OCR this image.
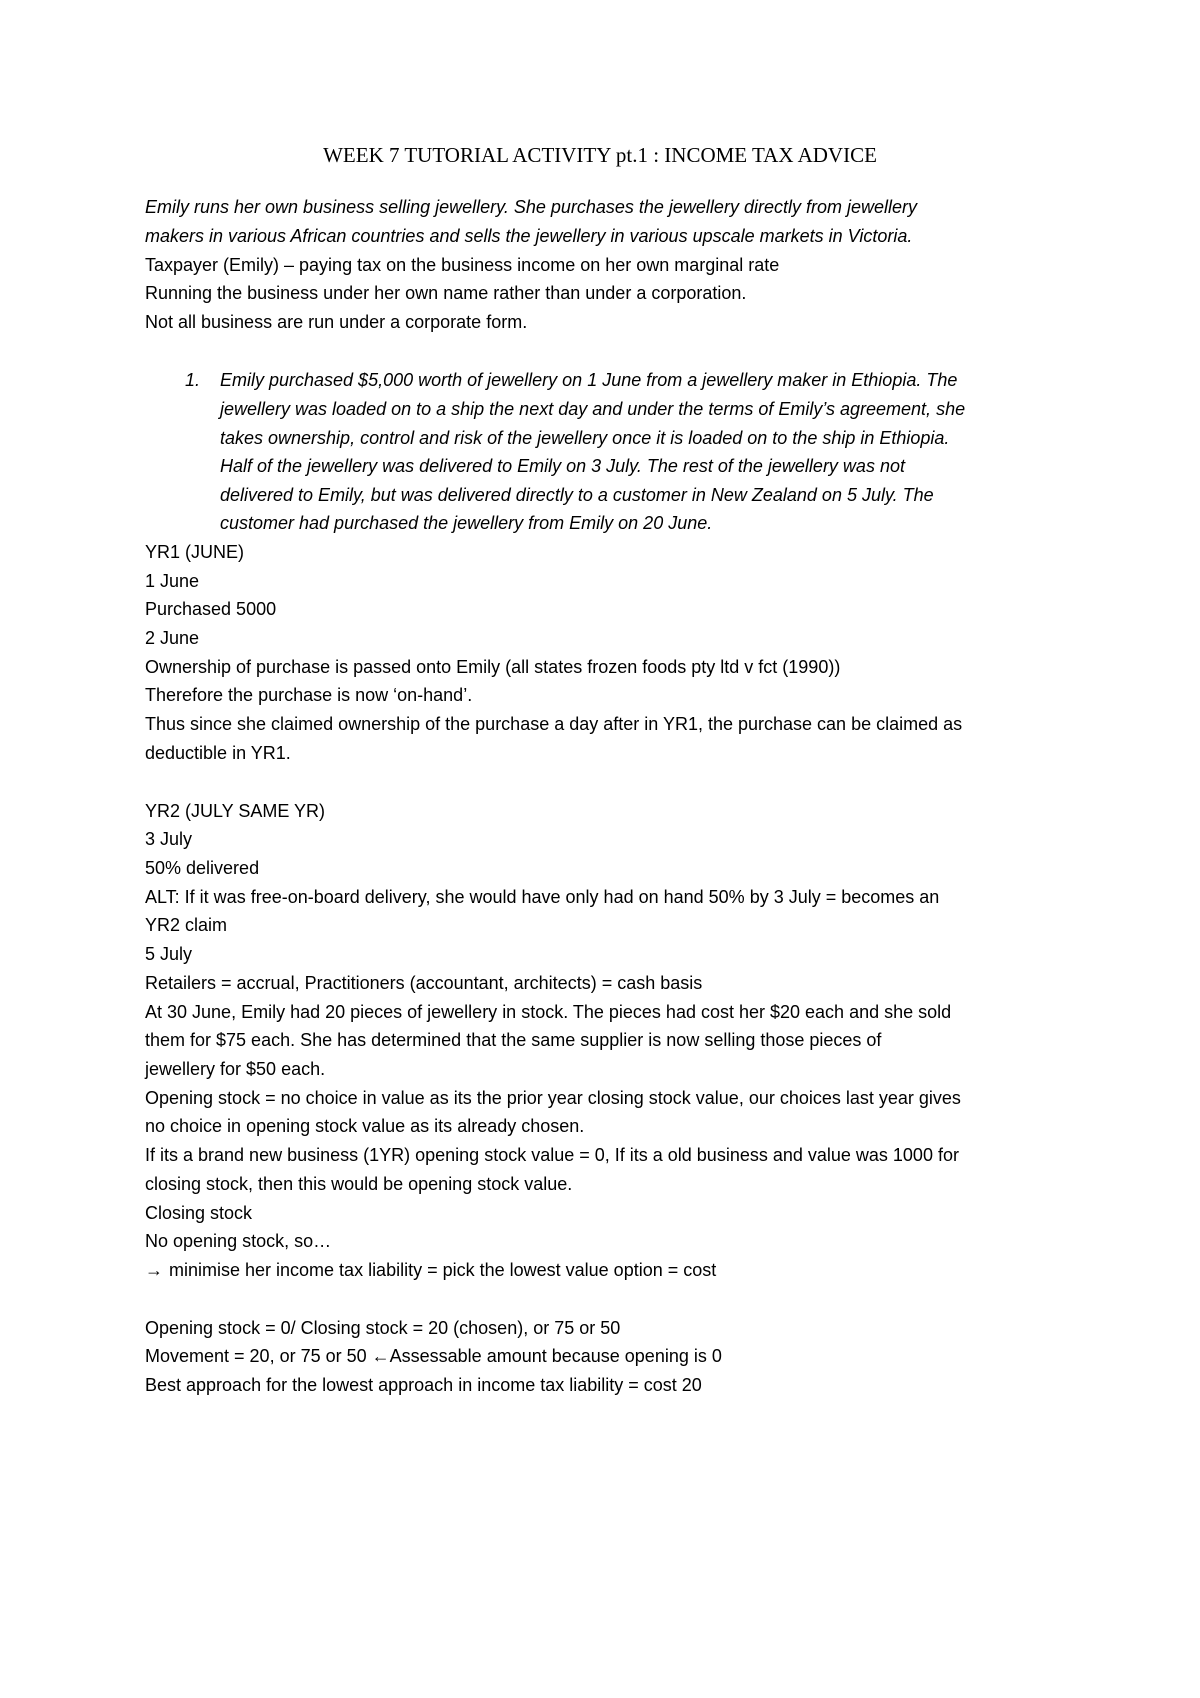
WEEK 7 TUTORIAL ACTIVITY pt.1 : INCOME TAX ADVICE
Emily runs her own business selling jewellery. She purchases the jewellery directly from jewellery
makers in various African countries and sells the jewellery in various upscale markets in Victoria.
Taxpayer (Emily) – paying tax on the business income on her own marginal rate
Running the business under her own name rather than under a corporation.
Not all business are run under a corporate form.
1. Emily purchased $5,000 worth of jewellery on 1 June from a jewellery maker in Ethiopia. The
jewellery was loaded on to a ship the next day and under the terms of Emily’s agreement, she
takes ownership, control and risk of the jewellery once it is loaded on to the ship in Ethiopia.
Half of the jewellery was delivered to Emily on 3 July. The rest of the jewellery was not
delivered to Emily, but was delivered directly to a customer in New Zealand on 5 July. The
customer had purchased the jewellery from Emily on 20 June.
YR1 (JUNE)
1 June
Purchased 5000
2 June
Ownership of purchase is passed onto Emily (all states frozen foods pty ltd v fct (1990))
Therefore the purchase is now ‘on-hand’.
Thus since she claimed ownership of the purchase a day after in YR1, the purchase can be claimed as
deductible in YR1.
YR2 (JULY SAME YR)
3 July
50% delivered
ALT: If it was free-on-board delivery, she would have only had on hand 50% by 3 July = becomes an
YR2 claim
5 July
Retailers = accrual, Practitioners (accountant, architects) = cash basis
At 30 June, Emily had 20 pieces of jewellery in stock. The pieces had cost her $20 each and she sold
them for $75 each. She has determined that the same supplier is now selling those pieces of
jewellery for $50 each.
Opening stock = no choice in value as its the prior year closing stock value, our choices last year gives
no choice in opening stock value as its already chosen.
If its a brand new business (1YR) opening stock value = 0, If its a old business and value was 1000 for
closing stock, then this would be opening stock value.
Closing stock
No opening stock, so…
→ minimise her income tax liability = pick the lowest value option = cost
Opening stock = 0/ Closing stock = 20 (chosen), or 75 or 50
Movement = 20, or 75 or 50 ←Assessable amount because opening is 0
Best approach for the lowest approach in income tax liability = cost 20
